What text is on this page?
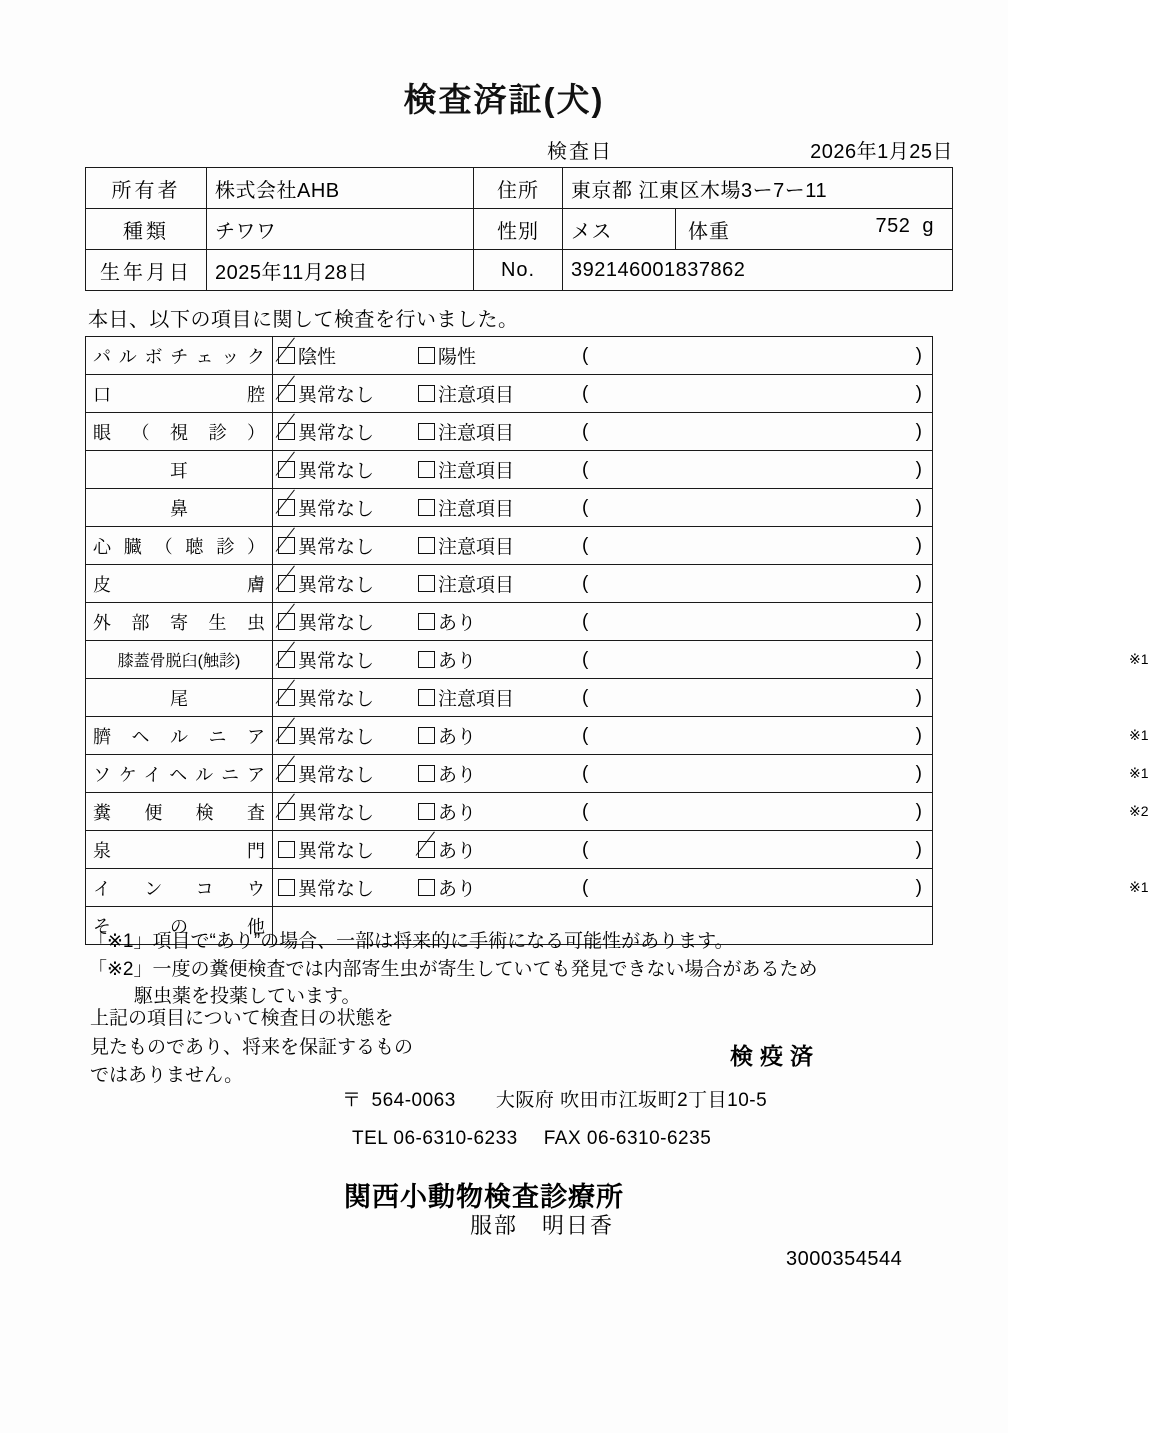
検査済証(犬)
検査日	2026年1月25日
所有者	株式会社AHB	住所	東京都 江東区木場3ー7ー11	
種類	チワワ	性別	メス	体重 752 g
生年月日	2025年11月28日	No.	392146001837862	
本日、以下の項目に関して検査を行いました。
パルボチェック	陰性 陽性 ( )

口腔	異常なし 注意項目 ( )

眼（視診）	異常なし 注意項目 ( )

耳	異常なし 注意項目 ( )

鼻	異常なし 注意項目 ( )

心臓（聴診）	異常なし 注意項目 ( )

皮膚	異常なし 注意項目 ( )

外部寄生虫	異常なし あり ( )

膝蓋骨脱臼(触診)	異常なし あり ( ) ※1

尾	異常なし 注意項目 ( )

臍ヘルニア	異常なし あり ( ) ※1

ソケイヘルニア	異常なし あり ( ) ※1

糞便検査	異常なし あり ( ) ※2

泉門	異常なし あり ( )

インコウ	異常なし あり ( ) ※1

その他	
「※1」項目で“あり”の場合、一部は将来的に手術になる可能性があります。
「※2」一度の糞便検査では内部寄生虫が寄生していても発見できない場合があるため
駆虫薬を投薬しています。
上記の項目について検査日の状態を
見たものであり、将来を保証するもの
ではありません。
検疫済
〒 564-0063 大阪府 吹田市江坂町2丁目10-5
TEL 06-6310-6233 FAX 06-6310-6235
関西小動物検査診療所
服部　明日香
3000354544
